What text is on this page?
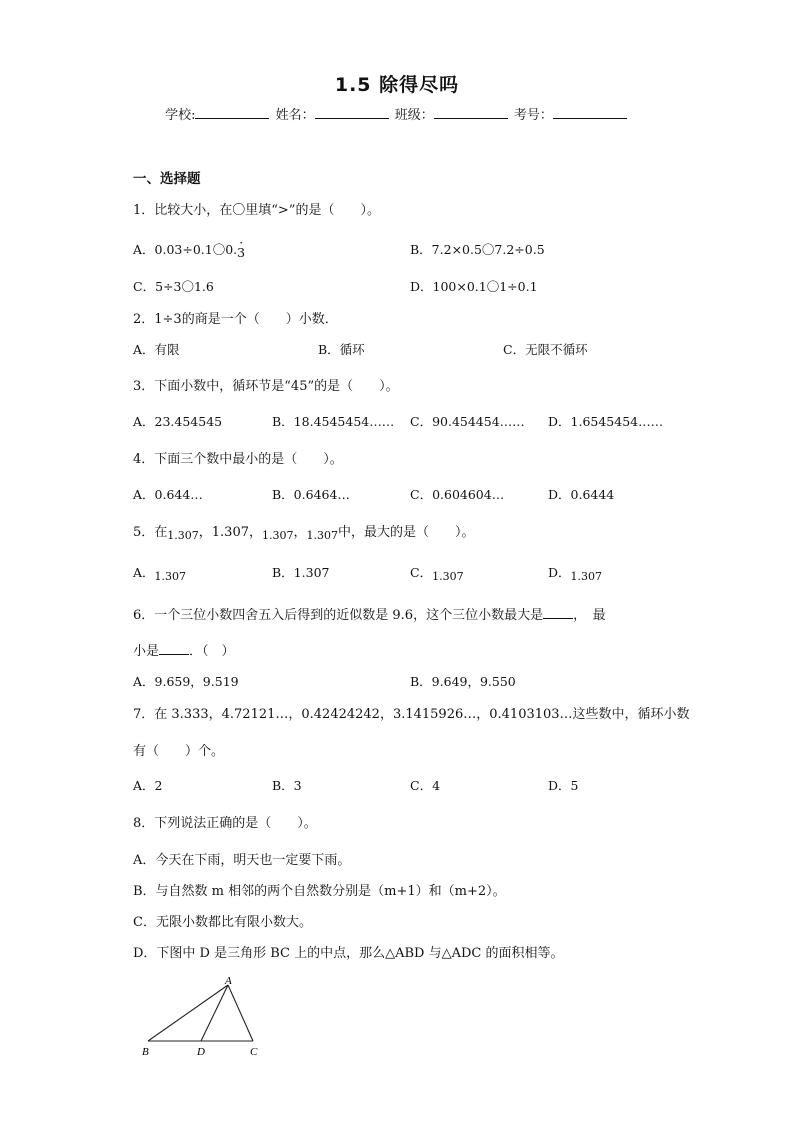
1.5 除得尽吗
学校:	姓名：	班级：	考号：
一、选择题
1．比较大小，在〇里填“>”的是（　　）。
A．0.03÷0.1〇0.· 3	B．7.2×0.5〇7.2÷0.5
C．5÷3〇1.6	D．100×0.1〇1÷0.1
2．1÷3的商是一个（　　）小数．
A．有限	B．循环	C．无限不循环
3．下面小数中，循环节是“45”的是（　　）。
A．23.454545	B．18.4545454…… C．90.454454…… D．1.6545454……
4．下面三个数中最小的是（　　）。
A．0.644…	B．0.6464…	C．0.604604…	D．0.6444
5．在$_{1.307}$，1.307，$_{1.307}$，$_{1.307}$中，最大的是（　　）。
A．1.307	B．1.307	C．1.307	D．1.307
6．一个三位小数四舍五入后得到的近似数是 9.6，这个三位小数最大是 ，　最
小是 ．（　）
A．9.659，9.519	B．9.649，9.550
7．在 3.333，4.72121…，0.42424242，3.1415926…，0.4103103…这些数中，循环小数
有（　　）个。
A．2	B．3	C．4	D．5
8．下列说法正确的是（　　）。
A．今天在下雨，明天也一定要下雨。
B．与自然数 m 相邻的两个自然数分别是（m+1）和（m+2）。
C．无限小数都比有限小数大。
D．下图中 D 是三角形 BC 上的中点，那么△ABD 与△ADC 的面积相等。
A
B	D	C
